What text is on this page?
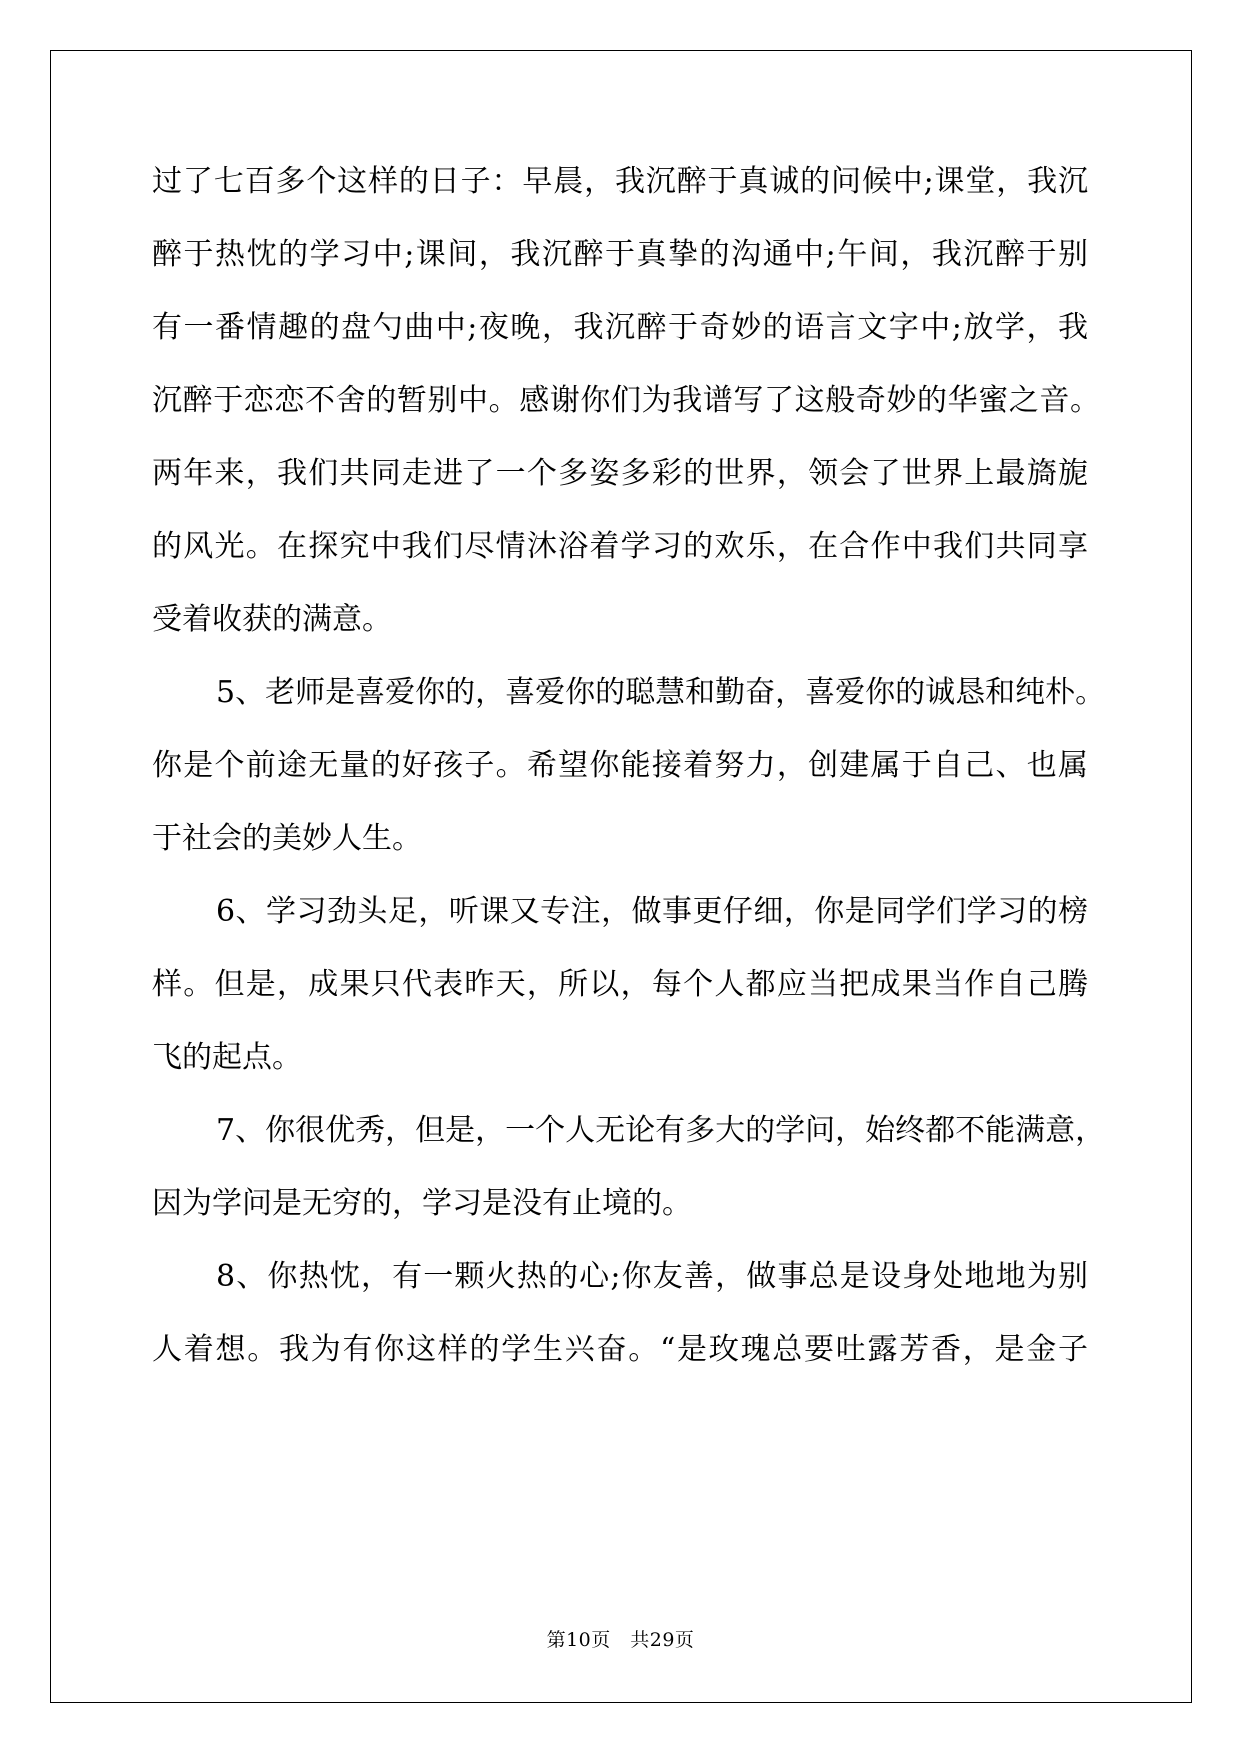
过了七百多个这样的日子：早晨，我沉醉于真诚的问候中;课堂，我沉
醉于热忱的学习中;课间，我沉醉于真挚的沟通中;午间，我沉醉于别
有一番情趣的盘勺曲中;夜晚，我沉醉于奇妙的语言文字中;放学，我
沉醉于恋恋不舍的暂别中。感谢你们为我谱写了这般奇妙的华蜜之音。
两年来，我们共同走进了一个多姿多彩的世界，领会了世界上最旖旎
的风光。在探究中我们尽情沐浴着学习的欢乐，在合作中我们共同享
受着收获的满意。
5、老师是喜爱你的，喜爱你的聪慧和勤奋，喜爱你的诚恳和纯朴。
你是个前途无量的好孩子。希望你能接着努力，创建属于自己、也属
于社会的美妙人生。
6、学习劲头足，听课又专注，做事更仔细，你是同学们学习的榜
样。但是，成果只代表昨天，所以，每个人都应当把成果当作自己腾
飞的起点。
7、你很优秀，但是，一个人无论有多大的学问，始终都不能满意，
因为学问是无穷的，学习是没有止境的。
8、你热忱，有一颗火热的心;你友善，做事总是设身处地地为别
人着想。我为有你这样的学生兴奋。“是玫瑰总要吐露芳香，是金子
第10页　共29页
